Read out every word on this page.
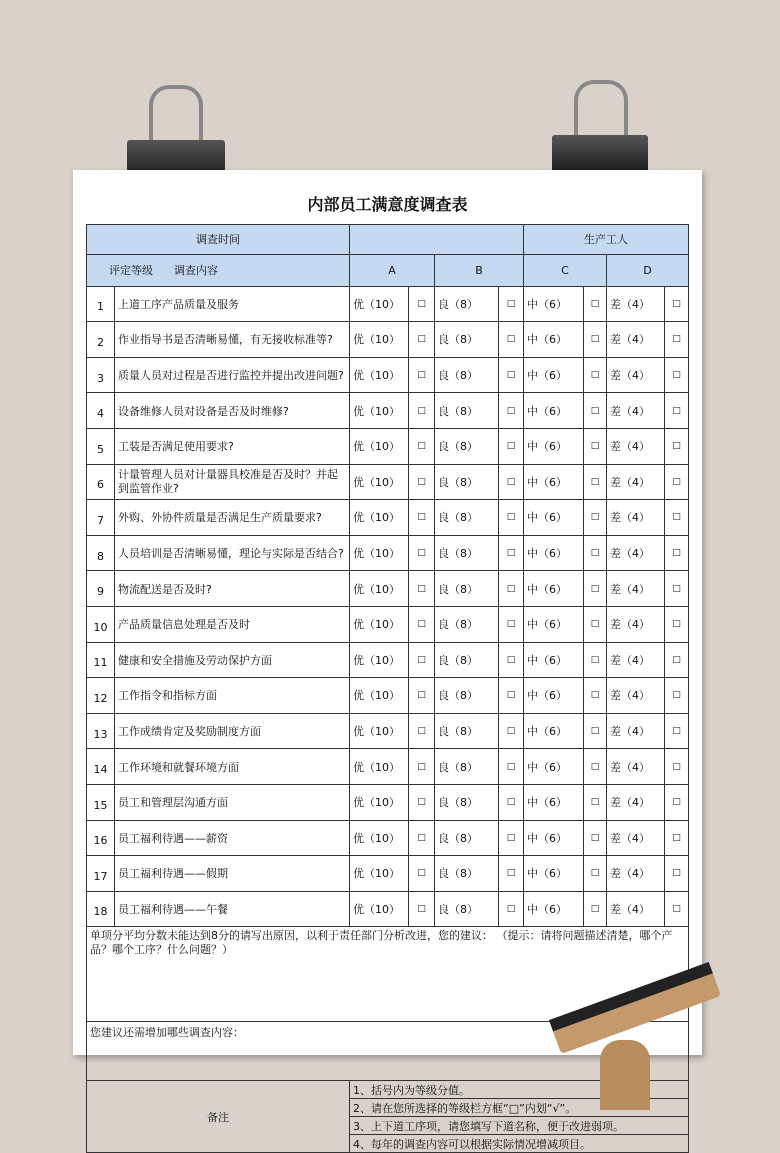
内部员工满意度调查表
调查时间						生产工人			
评定等级 调查内容		A		B		C		D	
1	上道工序产品质量及服务	优（10）	□	良（8）	□	中（6）	□	差（4）	□
2	作业指导书是否清晰易懂，有无接收标准等?	优（10）	□	良（8）	□	中（6）	□	差（4）	□
3	质量人员对过程是否进行监控并提出改进问题?	优（10）	□	良（8）	□	中（6）	□	差（4）	□
4	设备维修人员对设备是否及时维修?	优（10）	□	良（8）	□	中（6）	□	差（4）	□
5	工装是否满足使用要求?	优（10）	□	良（8）	□	中（6）	□	差（4）	□
6	计量管理人员对计量器具校准是否及时？并起到监管作业?	优（10）	□	良（8）	□	中（6）	□	差（4）	□
7	外购、外协件质量是否满足生产质量要求?	优（10）	□	良（8）	□	中（6）	□	差（4）	□
8	人员培训是否清晰易懂，理论与实际是否结合?	优（10）	□	良（8）	□	中（6）	□	差（4）	□
9	物流配送是否及时?	优（10）	□	良（8）	□	中（6）	□	差（4）	□
10	产品质量信息处理是否及时	优（10）	□	良（8）	□	中（6）	□	差（4）	□
11	健康和安全措施及劳动保护方面	优（10）	□	良（8）	□	中（6）	□	差（4）	□
12	工作指令和指标方面	优（10）	□	良（8）	□	中（6）	□	差（4）	□
13	工作成绩肯定及奖励制度方面	优（10）	□	良（8）	□	中（6）	□	差（4）	□
14	工作环境和就餐环境方面	优（10）	□	良（8）	□	中（6）	□	差（4）	□
15	员工和管理层沟通方面	优（10）	□	良（8）	□	中（6）	□	差（4）	□
16	员工福利待遇——薪资	优（10）	□	良（8）	□	中（6）	□	差（4）	□
17	员工福利待遇——假期	优（10）	□	良（8）	□	中（6）	□	差（4）	□
18	员工福利待遇——午餐	优（10）	□	良（8）	□	中（6）	□	差（4）	□
单项分平均分数未能达到8分的请写出原因，以利于责任部门分析改进，您的建议： （提示：请将问题描述清楚，哪个产品？哪个工序？什么问题？）									
您建议还需增加哪些调查内容：									
备注		1、括号内为等级分值。							
		2、请在您所选择的等级栏方框“□”内划“√”。							
		3、上下道工序项，请您填写下道名称，便于改进弱项。							
		4、每年的调查内容可以根据实际情况增减项目。							
